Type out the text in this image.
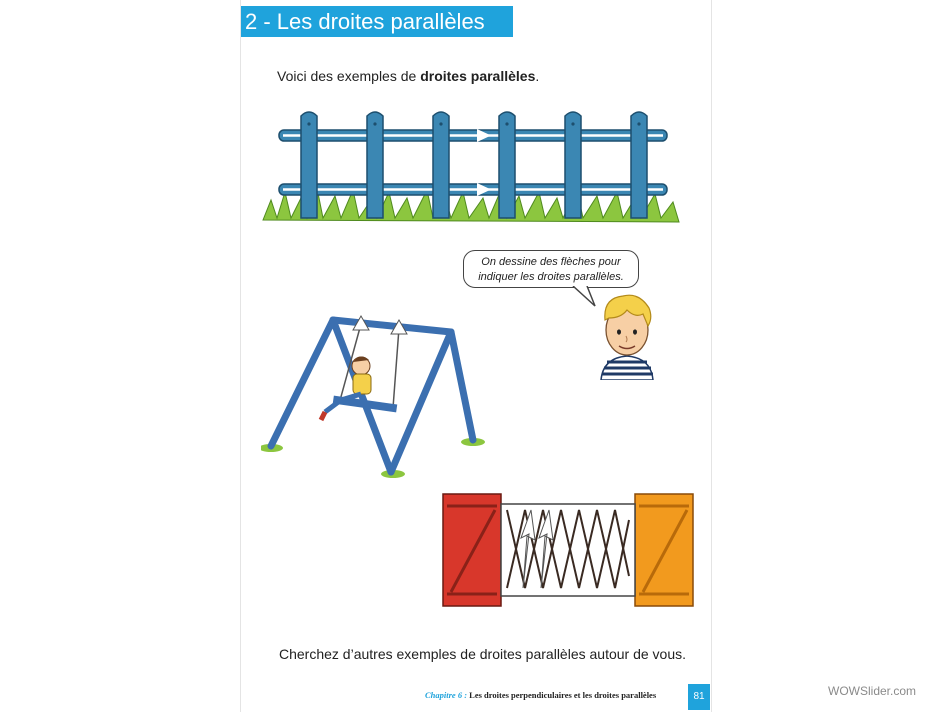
2 - Les droites parallèles
Voici des exemples de droites parallèles.
On dessine des flèches pour
indiquer les droites parallèles.
Cherchez d’autres exemples de droites parallèles autour de vous.
Chapitre 6 : Les droites perpendiculaires et les droites parallèles	81	WOWSlider.com
